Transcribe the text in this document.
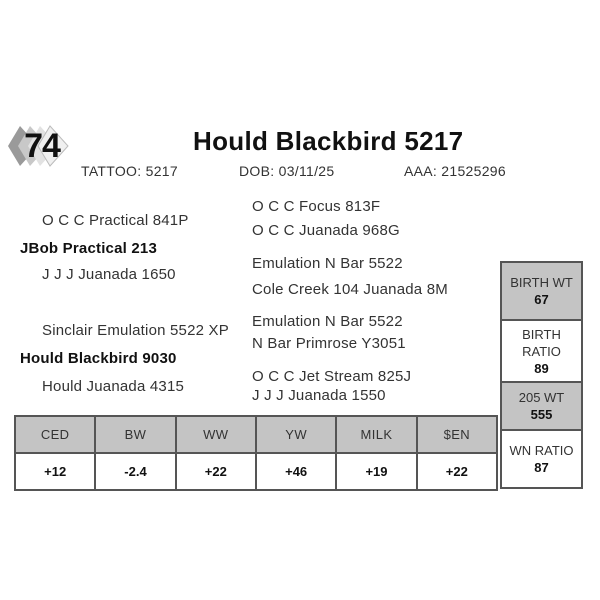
74	Hould Blackbird 5217
TATTOO: 5217	DOB: 03/11/25	AAA: 21525296
O C C Practical 841P
JBob Practical 213
J J J Juanada 1650
O C C Focus 813F
O C C Juanada 968G
Emulation N Bar 5522
Cole Creek 104 Juanada 8M
Sinclair Emulation 5522 XP
Hould Blackbird 9030
Hould Juanada 4315
Emulation N Bar 5522
N Bar Primrose Y3051
O C C Jet Stream 825J
J J J Juanada 1550
CED	BW	WW	YW	MILK	$EN
+12	-2.4	+22	+46	+19	+22
BIRTH WT
67
BIRTH
RATIO
89
205 WT
555
WN RATIO
87
